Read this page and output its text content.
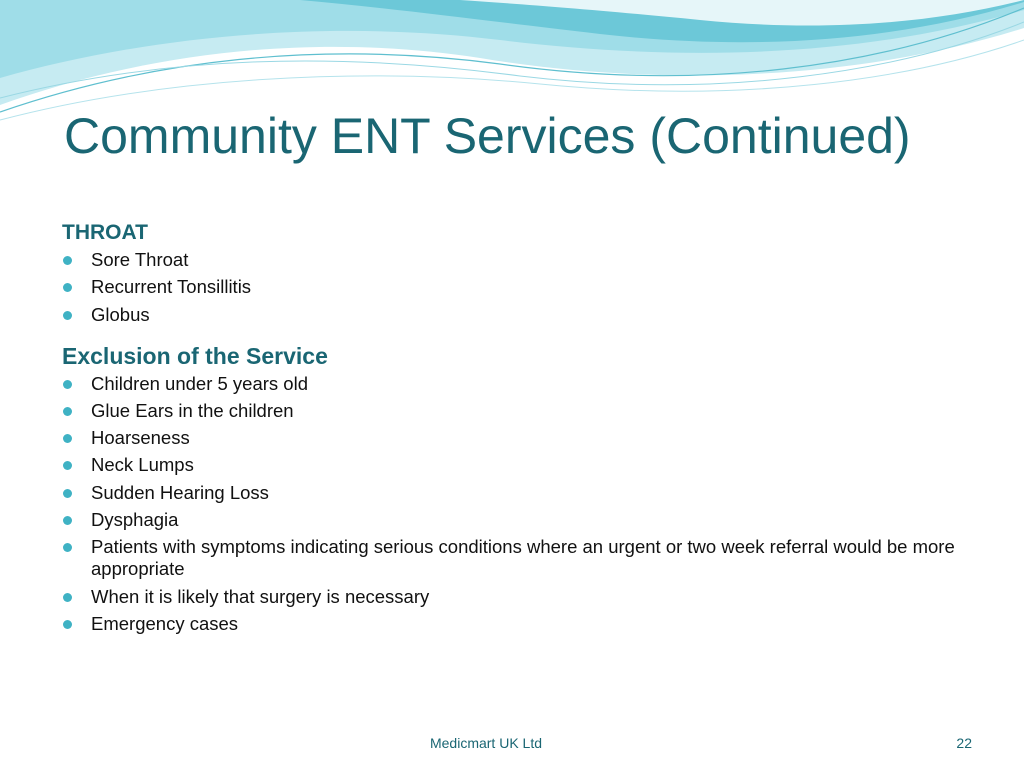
Community ENT Services (Continued)
THROAT
Sore Throat
Recurrent Tonsillitis
Globus
Exclusion of the Service
Children under 5 years old
Glue Ears in the children
Hoarseness
Neck Lumps
Sudden Hearing Loss
Dysphagia
Patients with symptoms indicating serious conditions where an urgent or two week referral would be more appropriate
When it is likely that surgery is necessary
Emergency cases
Medicmart UK Ltd	22
